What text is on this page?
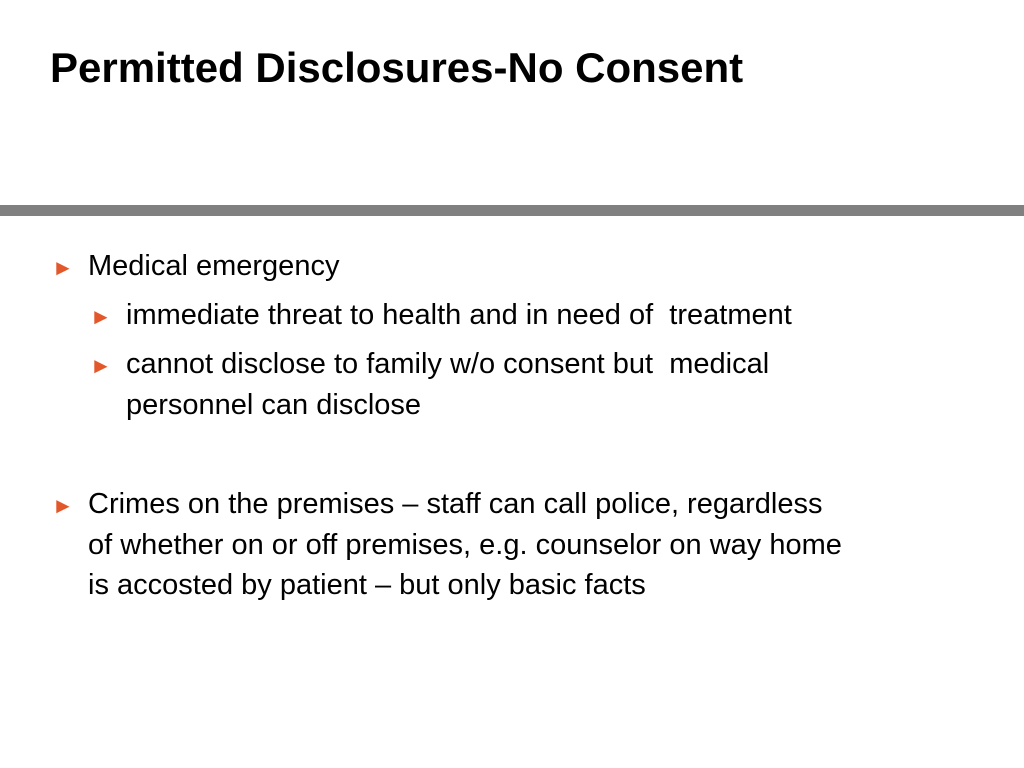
Permitted Disclosures-No Consent
► Medical emergency
► immediate threat to health and in need of  treatment
► cannot disclose to family w/o consent but  medical
personnel can disclose
► Crimes on the premises – staff can call police, regardless
of whether on or off premises, e.g. counselor on way home
is accosted by patient – but only basic facts
